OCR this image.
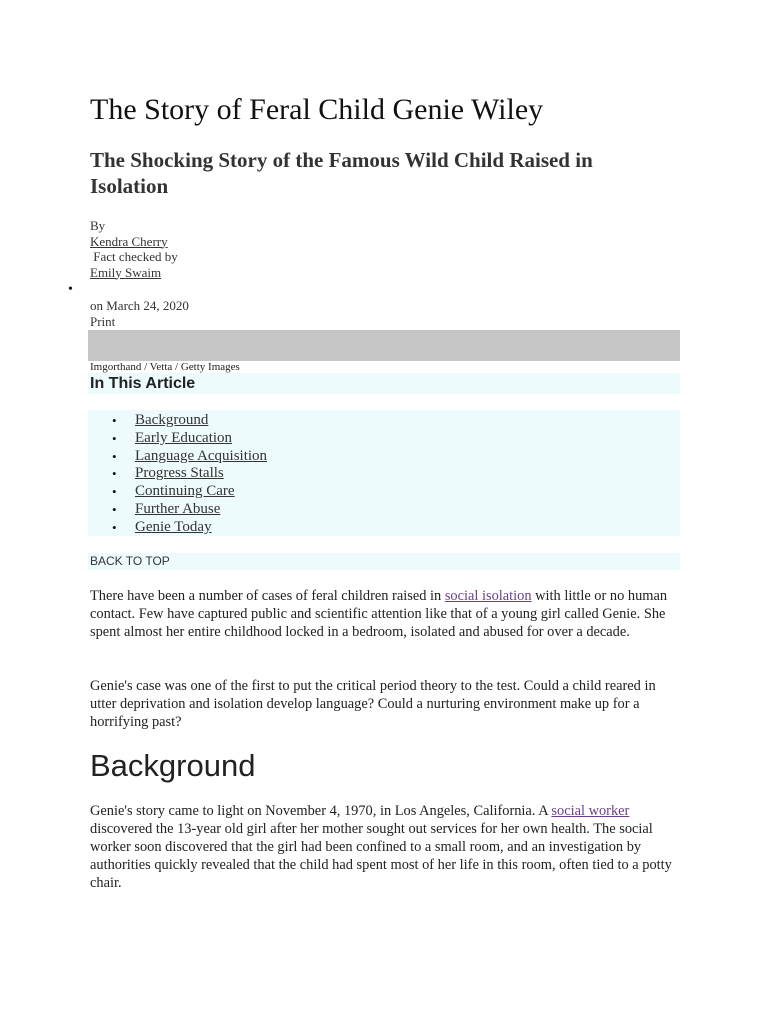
The Story of Feral Child Genie Wiley
The Shocking Story of the Famous Wild Child Raised in Isolation
By
Kendra Cherry
Fact checked by
Emily Swaim
•
on March 24, 2020
Print
Imgorthand / Vetta / Getty Images
In This Article
• Background
• Early Education
• Language Acquisition
• Progress Stalls
• Continuing Care
• Further Abuse
• Genie Today
BACK TO TOP

There have been a number of cases of feral children raised in social isolation with little or no human contact. Few have captured public and scientific attention like that of a young girl called Genie. She spent almost her entire childhood locked in a bedroom, isolated and abused for over a decade.

Genie's case was one of the first to put the critical period theory to the test. Could a child reared in utter deprivation and isolation develop language? Could a nurturing environment make up for a horrifying past?

Background

Genie's story came to light on November 4, 1970, in Los Angeles, California. A social worker discovered the 13-year old girl after her mother sought out services for her own health. The social worker soon discovered that the girl had been confined to a small room, and an investigation by authorities quickly revealed that the child had spent most of her life in this room, often tied to a potty chair.
